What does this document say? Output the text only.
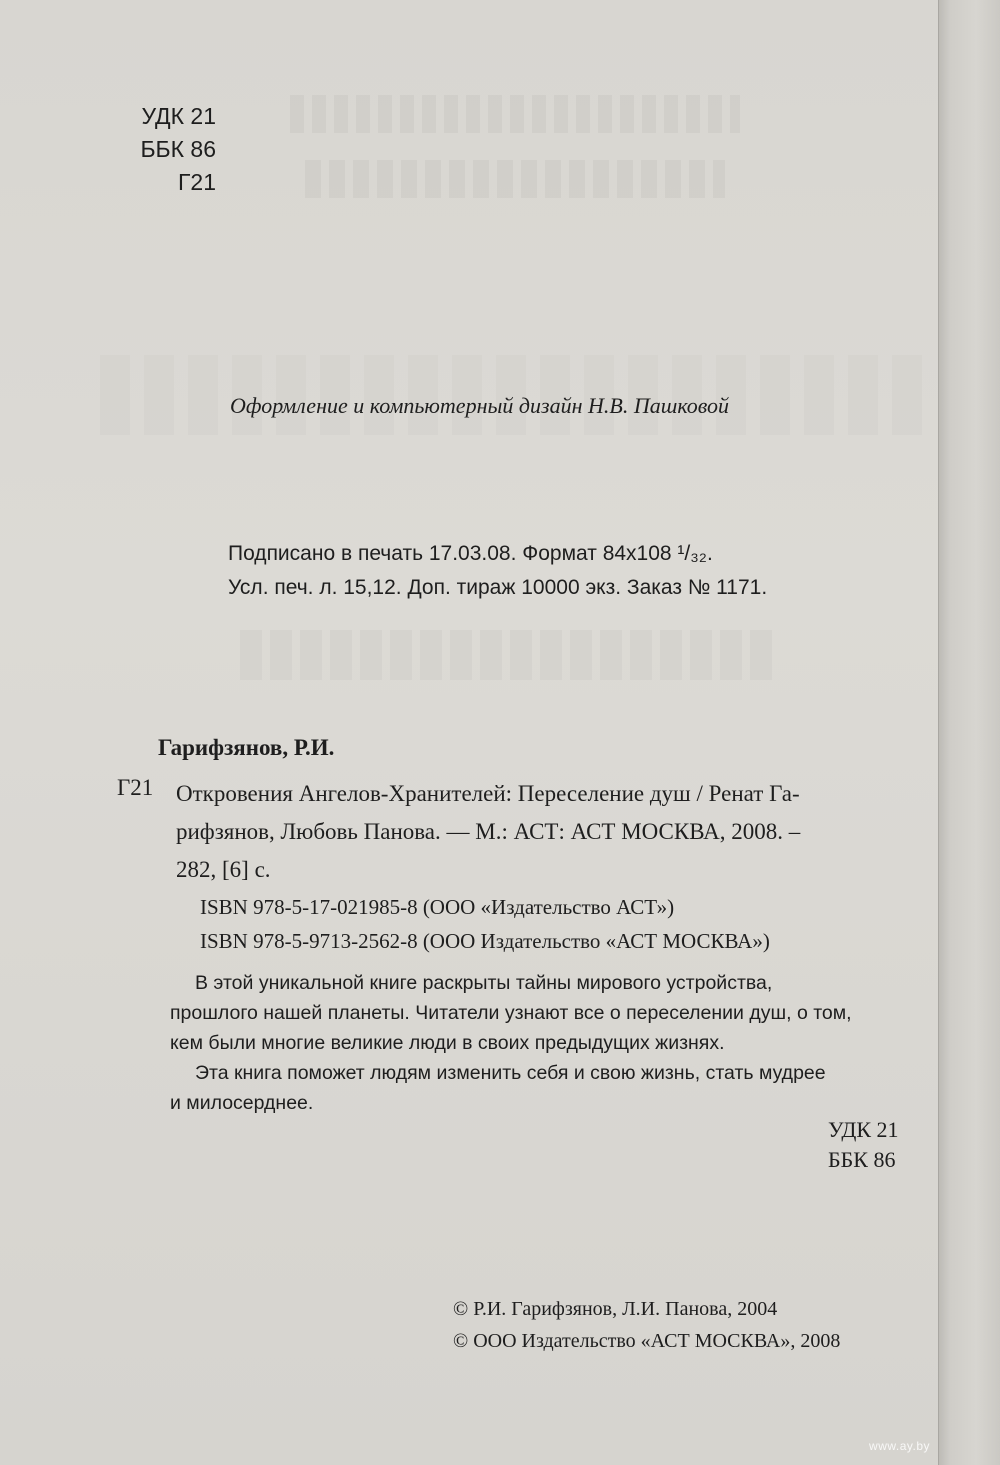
УДК 21
ББК 86
Г21

Оформление и компьютерный дизайн Н.В. Пашковой

Подписано в печать 17.03.08. Формат 84х108 ¹/₃₂.
Усл. печ. л. 15,12. Доп. тираж 10000 экз. Заказ № 1171.
Гарифзянов, Р.И.
Г21 Откровения Ангелов-Хранителей: Переселение душ / Ренат Га-
рифзянов, Любовь Панова. — М.: АСТ: АСТ МОСКВА, 2008. –
282, [6] с.
ISBN 978-5-17-021985-8 (ООО «Издательство АСТ»)
ISBN 978-5-9713-2562-8 (ООО Издательство «АСТ МОСКВА»)
В этой уникальной книге раскрыты тайны мирового устройства,
прошлого нашей планеты. Читатели узнают все о переселении душ, о том,
кем были многие великие люди в своих предыдущих жизнях.
Эта книга поможет людям изменить себя и свою жизнь, стать мудрее
и милосерднее.
УДК 21
ББК 86
© Р.И. Гарифзянов, Л.И. Панова, 2004
© ООО Издательство «АСТ МОСКВА», 2008
www.ay.by
